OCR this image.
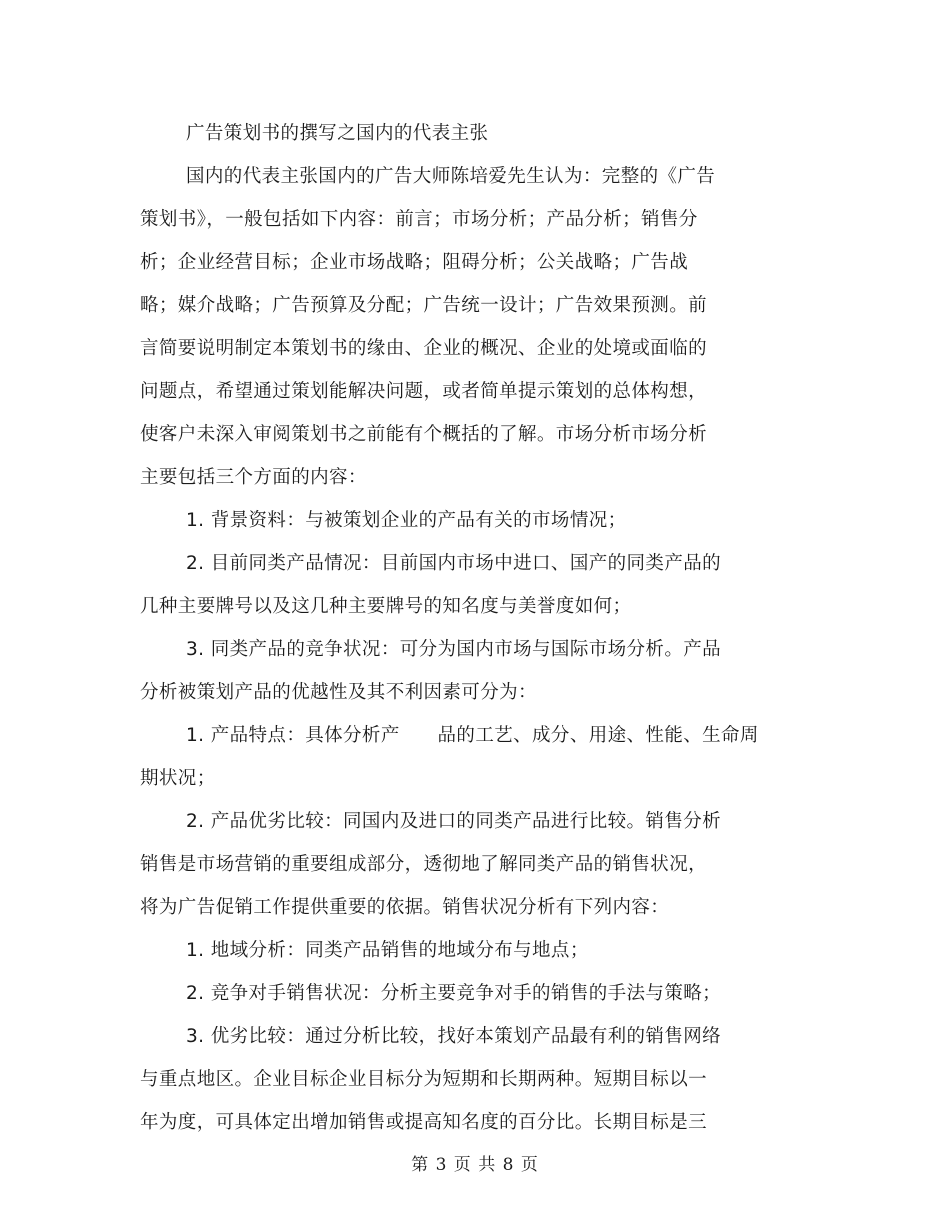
广告策划书的撰写之国内的代表主张
国内的代表主张国内的广告大师陈培爱先生认为：完整的《广告
策划书》，一般包括如下内容：前言；市场分析；产品分析；销售分
析；企业经营目标；企业市场战略；阻碍分析；公关战略；广告战
略；媒介战略；广告预算及分配；广告统一设计；广告效果预测。前
言简要说明制定本策划书的缘由、企业的概况、企业的处境或面临的
问题点，希望通过策划能解决问题，或者简单提示策划的总体构想，
使客户未深入审阅策划书之前能有个概括的了解。市场分析市场分析
主要包括三个方面的内容：
1. 背景资料：与被策划企业的产品有关的市场情况；
2. 目前同类产品情况：目前国内市场中进口、国产的同类产品的
几种主要牌号以及这几种主要牌号的知名度与美誉度如何；
3. 同类产品的竞争状况：可分为国内市场与国际市场分析。产品
分析被策划产品的优越性及其不利因素可分为：
1. 产品特点：具体分析产　　品的工艺、成分、用途、性能、生命周
期状况；
2. 产品优劣比较：同国内及进口的同类产品进行比较。销售分析
销售是市场营销的重要组成部分，透彻地了解同类产品的销售状况，
将为广告促销工作提供重要的依据。销售状况分析有下列内容：
1. 地域分析：同类产品销售的地域分布与地点；
2. 竞争对手销售状况：分析主要竞争对手的销售的手法与策略；
3. 优劣比较：通过分析比较，找好本策划产品最有利的销售网络
与重点地区。企业目标企业目标分为短期和长期两种。短期目标以一
年为度，可具体定出增加销售或提高知名度的百分比。长期目标是三
第 3 页 共 8 页
